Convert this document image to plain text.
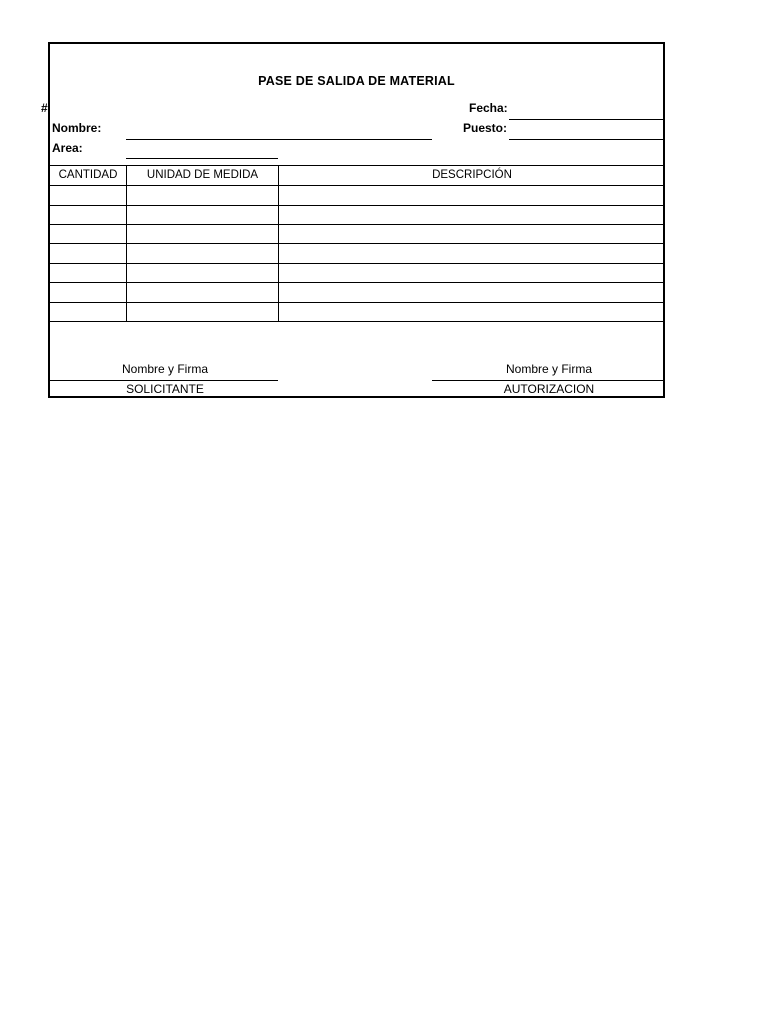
PASE DE SALIDA DE MATERIAL
#	Fecha:
Nombre:	Puesto:
Area:
CANTIDAD	UNIDAD DE MEDIDA	DESCRIPCIÓN
Nombre y Firma
SOLICITANTE
Nombre y Firma
AUTORIZACION
